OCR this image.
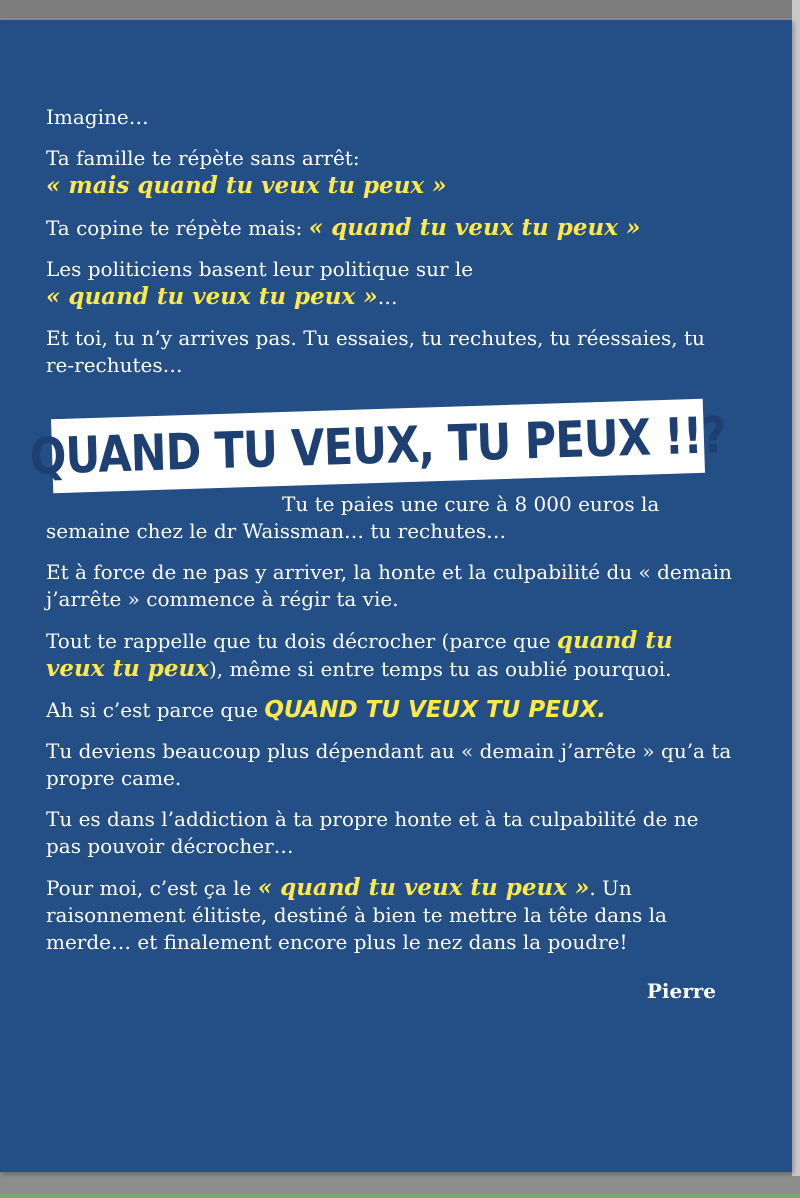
Imagine…

Ta famille te répète sans arrêt:
« mais quand tu veux tu peux »

Ta copine te répète mais: « quand tu veux tu peux »

Les politiciens basent leur politique sur le
« quand tu veux tu peux »…

Et toi, tu n’y arrives pas. Tu essaies, tu rechutes, tu réessaies, tu re-rechutes…

Tu te paies une cure à 8 000 euros la semaine chez le dr Waissman… tu rechutes…

Et à force de ne pas y arriver, la honte et la culpabilité du « demain j’arrête » commence à régir ta vie.

Tout te rappelle que tu dois décrocher (parce que quand tu veux tu peux), même si entre temps tu as oublié pourquoi.

Ah si c’est parce que QUAND TU VEUX TU PEUX.

Tu deviens beaucoup plus dépendant au « demain j’arrête » qu’a ta propre came.

Tu es dans l’addiction à ta propre honte et à ta culpabilité de ne pas pouvoir décrocher…

Pour moi, c’est ça le « quand tu veux tu peux ». Un raisonnement élitiste, destiné à bien te mettre la tête dans la merde… et finalement encore plus le nez dans la poudre!

Pierre
QUAND TU VEUX, TU PEUX !!?
